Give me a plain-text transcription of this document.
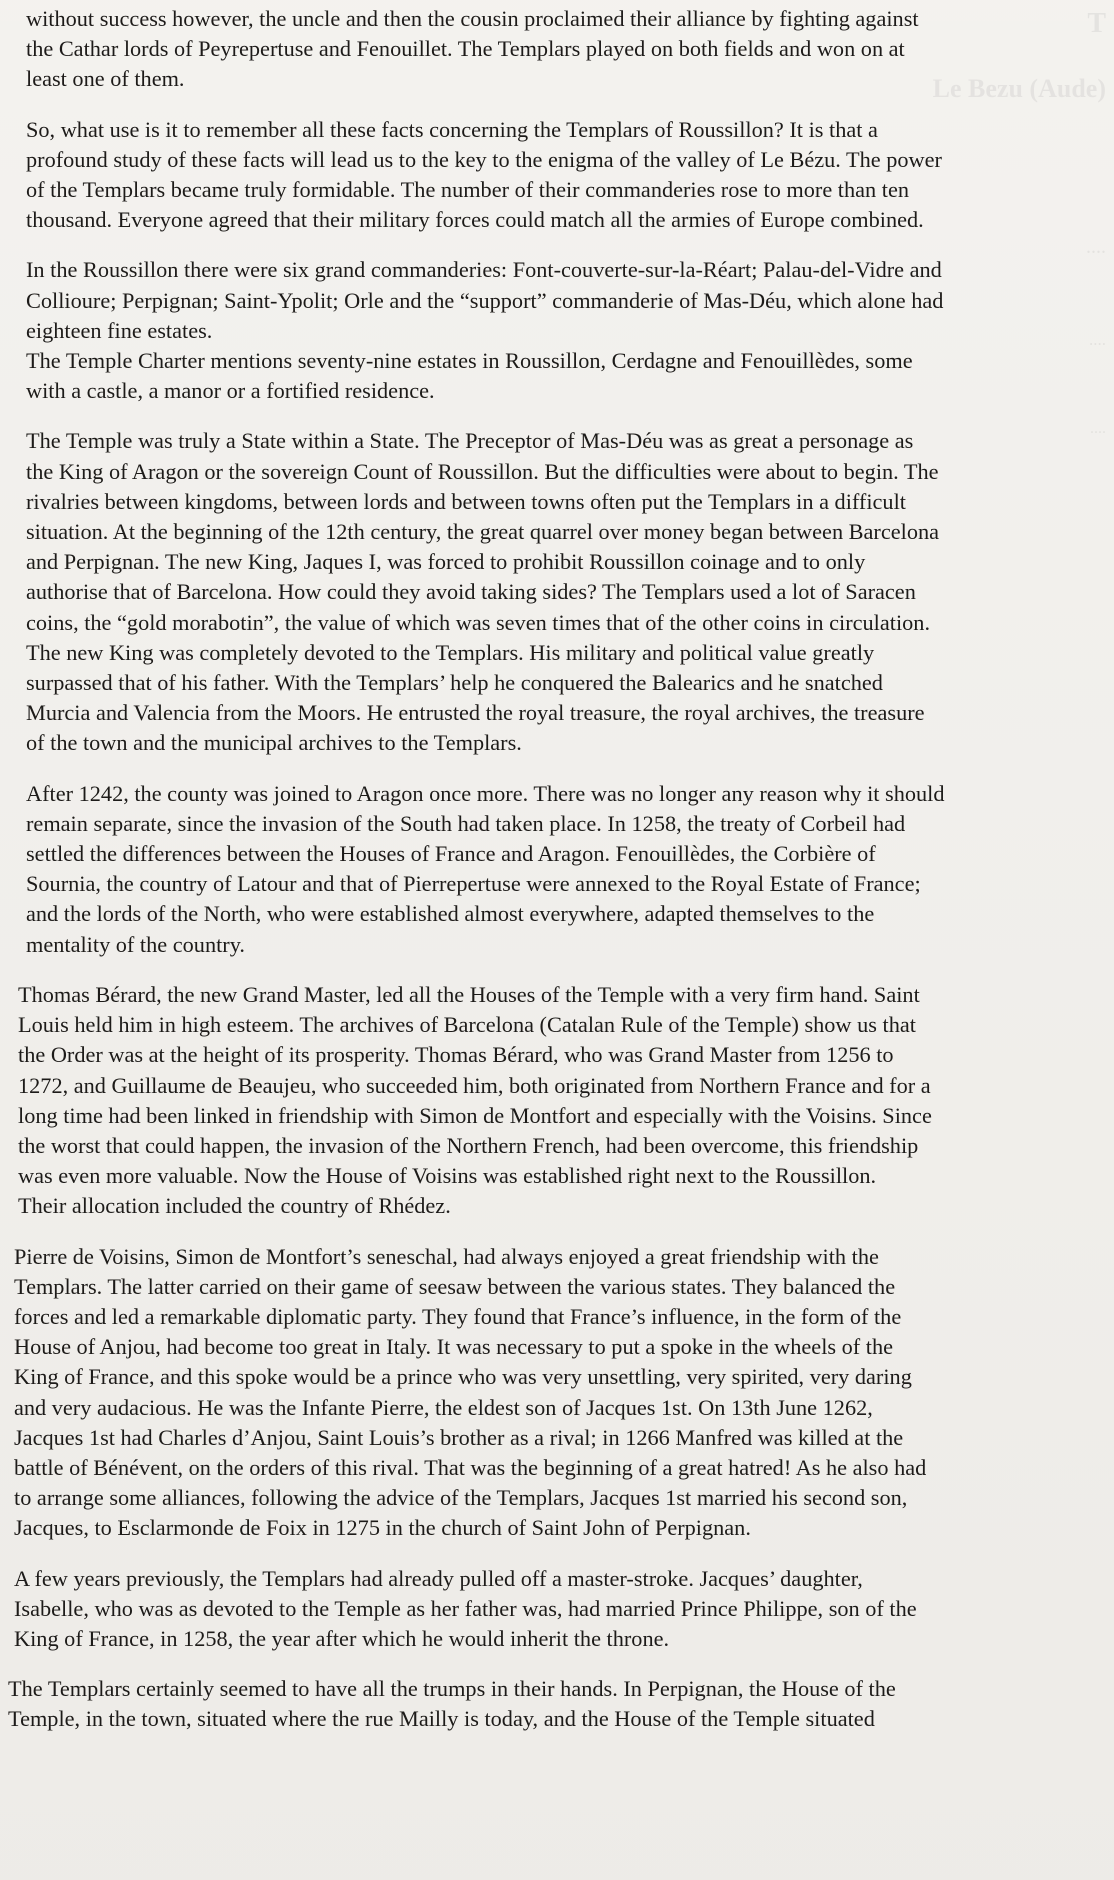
T
Le Bezu (Aude)
....
....
....

without success however, the uncle and then the cousin proclaimed their alliance by fighting against
the Cathar lords of Peyrepertuse and Fenouillet. The Templars played on both fields and won on at
least one of them.

So, what use is it to remember all these facts concerning the Templars of Roussillon? It is that a
profound study of these facts will lead us to the key to the enigma of the valley of Le Bézu. The power
of the Templars became truly formidable. The number of their commanderies rose to more than ten
thousand. Everyone agreed that their military forces could match all the armies of Europe combined.

In the Roussillon there were six grand commanderies: Font-couverte-sur-la-Réart; Palau-del-Vidre and
Collioure; Perpignan; Saint-Ypolit; Orle and the “support” commanderie of Mas-Déu, which alone had
eighteen fine estates.
The Temple Charter mentions seventy-nine estates in Roussillon, Cerdagne and Fenouillèdes, some
with a castle, a manor or a fortified residence.

The Temple was truly a State within a State. The Preceptor of Mas-Déu was as great a personage as
the King of Aragon or the sovereign Count of Roussillon. But the difficulties were about to begin. The
rivalries between kingdoms, between lords and between towns often put the Templars in a difficult
situation. At the beginning of the 12th century, the great quarrel over money began between Barcelona
and Perpignan. The new King, Jaques I, was forced to prohibit Roussillon coinage and to only
authorise that of Barcelona. How could they avoid taking sides? The Templars used a lot of Saracen
coins, the “gold morabotin”, the value of which was seven times that of the other coins in circulation.
The new King was completely devoted to the Templars. His military and political value greatly
surpassed that of his father. With the Templars’ help he conquered the Balearics and he snatched
Murcia and Valencia from the Moors. He entrusted the royal treasure, the royal archives, the treasure
of the town and the municipal archives to the Templars.

After 1242, the county was joined to Aragon once more. There was no longer any reason why it should
remain separate, since the invasion of the South had taken place. In 1258, the treaty of Corbeil had
settled the differences between the Houses of France and Aragon. Fenouillèdes, the Corbière of
Sournia, the country of Latour and that of Pierrepertuse were annexed to the Royal Estate of France;
and the lords of the North, who were established almost everywhere, adapted themselves to the
mentality of the country.

Thomas Bérard, the new Grand Master, led all the Houses of the Temple with a very firm hand. Saint
Louis held him in high esteem. The archives of Barcelona (Catalan Rule of the Temple) show us that
the Order was at the height of its prosperity. Thomas Bérard, who was Grand Master from 1256 to
1272, and Guillaume de Beaujeu, who succeeded him, both originated from Northern France and for a
long time had been linked in friendship with Simon de Montfort and especially with the Voisins. Since
the worst that could happen, the invasion of the Northern French, had been overcome, this friendship
was even more valuable. Now the House of Voisins was established right next to the Roussillon.
Their allocation included the country of Rhédez.

Pierre de Voisins, Simon de Montfort’s seneschal, had always enjoyed a great friendship with the
Templars. The latter carried on their game of seesaw between the various states. They balanced the
forces and led a remarkable diplomatic party. They found that France’s influence, in the form of the
House of Anjou, had become too great in Italy. It was necessary to put a spoke in the wheels of the
King of France, and this spoke would be a prince who was very unsettling, very spirited, very daring
and very audacious. He was the Infante Pierre, the eldest son of Jacques 1st. On 13th June 1262,
Jacques 1st had Charles d’Anjou, Saint Louis’s brother as a rival; in 1266 Manfred was killed at the
battle of Bénévent, on the orders of this rival. That was the beginning of a great hatred! As he also had
to arrange some alliances, following the advice of the Templars, Jacques 1st married his second son,
Jacques, to Esclarmonde de Foix in 1275 in the church of Saint John of Perpignan.

A few years previously, the Templars had already pulled off a master-stroke. Jacques’ daughter,
Isabelle, who was as devoted to the Temple as her father was, had married Prince Philippe, son of the
King of France, in 1258, the year after which he would inherit the throne.

The Templars certainly seemed to have all the trumps in their hands. In Perpignan, the House of the
Temple, in the town, situated where the rue Mailly is today, and the House of the Temple situated
